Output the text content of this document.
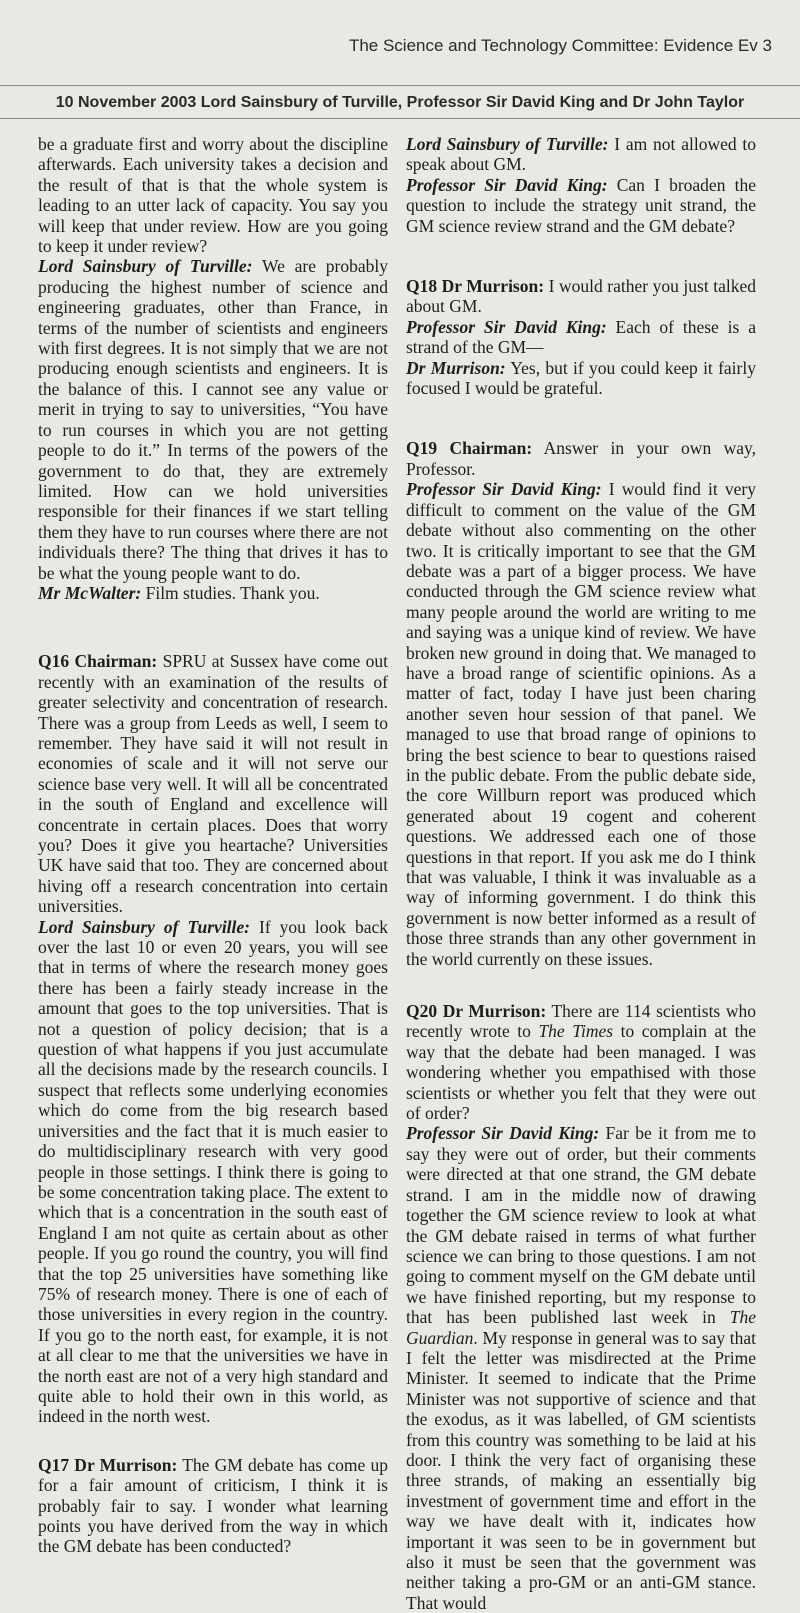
The Science and Technology Committee: Evidence Ev 3
10 November 2003 Lord Sainsbury of Turville, Professor Sir David King and Dr John Taylor

be a graduate first and worry about the discipline afterwards. Each university takes a decision and the result of that is that the whole system is leading to an utter lack of capacity. You say you will keep that under review. How are you going to keep it under review?

Lord Sainsbury of Turville: We are probably producing the highest number of science and engineering graduates, other than France, in terms of the number of scientists and engineers with first degrees. It is not simply that we are not producing enough scientists and engineers. It is the balance of this. I cannot see any value or merit in trying to say to universities, “You have to run courses in which you are not getting people to do it.” In terms of the powers of the government to do that, they are extremely limited. How can we hold universities responsible for their finances if we start telling them they have to run courses where there are not individuals there? The thing that drives it has to be what the young people want to do.

Mr McWalter: Film studies. Thank you.

Q16 Chairman: SPRU at Sussex have come out recently with an examination of the results of greater selectivity and concentration of research. There was a group from Leeds as well, I seem to remember. They have said it will not result in economies of scale and it will not serve our science base very well. It will all be concentrated in the south of England and excellence will concentrate in certain places. Does that worry you? Does it give you heartache? Universities UK have said that too. They are concerned about hiving off a research concentration into certain universities.

Lord Sainsbury of Turville: If you look back over the last 10 or even 20 years, you will see that in terms of where the research money goes there has been a fairly steady increase in the amount that goes to the top universities. That is not a question of policy decision; that is a question of what happens if you just accumulate all the decisions made by the research councils. I suspect that reflects some underlying economies which do come from the big research based universities and the fact that it is much easier to do multidisciplinary research with very good people in those settings. I think there is going to be some concentration taking place. The extent to which that is a concentration in the south east of England I am not quite as certain about as other people. If you go round the country, you will find that the top 25 universities have something like 75% of research money. There is one of each of those universities in every region in the country. If you go to the north east, for example, it is not at all clear to me that the universities we have in the north east are not of a very high standard and quite able to hold their own in this world, as indeed in the north west.

Q17 Dr Murrison: The GM debate has come up for a fair amount of criticism, I think it is probably fair to say. I wonder what learning points you have derived from the way in which the GM debate has been conducted?

Lord Sainsbury of Turville: I am not allowed to speak about GM.

Professor Sir David King: Can I broaden the question to include the strategy unit strand, the GM science review strand and the GM debate?

Q18 Dr Murrison: I would rather you just talked about GM.

Professor Sir David King: Each of these is a strand of the GM—

Dr Murrison: Yes, but if you could keep it fairly focused I would be grateful.

Q19 Chairman: Answer in your own way, Professor.

Professor Sir David King: I would find it very difficult to comment on the value of the GM debate without also commenting on the other two. It is critically important to see that the GM debate was a part of a bigger process. We have conducted through the GM science review what many people around the world are writing to me and saying was a unique kind of review. We have broken new ground in doing that. We managed to have a broad range of scientific opinions. As a matter of fact, today I have just been charing another seven hour session of that panel. We managed to use that broad range of opinions to bring the best science to bear to questions raised in the public debate. From the public debate side, the core Willburn report was produced which generated about 19 cogent and coherent questions. We addressed each one of those questions in that report. If you ask me do I think that was valuable, I think it was invaluable as a way of informing government. I do think this government is now better informed as a result of those three strands than any other government in the world currently on these issues.

Q20 Dr Murrison: There are 114 scientists who recently wrote to The Times to complain at the way that the debate had been managed. I was wondering whether you empathised with those scientists or whether you felt that they were out of order?

Professor Sir David King: Far be it from me to say they were out of order, but their comments were directed at that one strand, the GM debate strand. I am in the middle now of drawing together the GM science review to look at what the GM debate raised in terms of what further science we can bring to those questions. I am not going to comment myself on the GM debate until we have finished reporting, but my response to that has been published last week in The Guardian. My response in general was to say that I felt the letter was misdirected at the Prime Minister. It seemed to indicate that the Prime Minister was not supportive of science and that the exodus, as it was labelled, of GM scientists from this country was something to be laid at his door. I think the very fact of organising these three strands, of making an essentially big investment of government time and effort in the way we have dealt with it, indicates how important it was seen to be in government but also it must be seen that the government was neither taking a pro-GM or an anti-GM stance. That would
